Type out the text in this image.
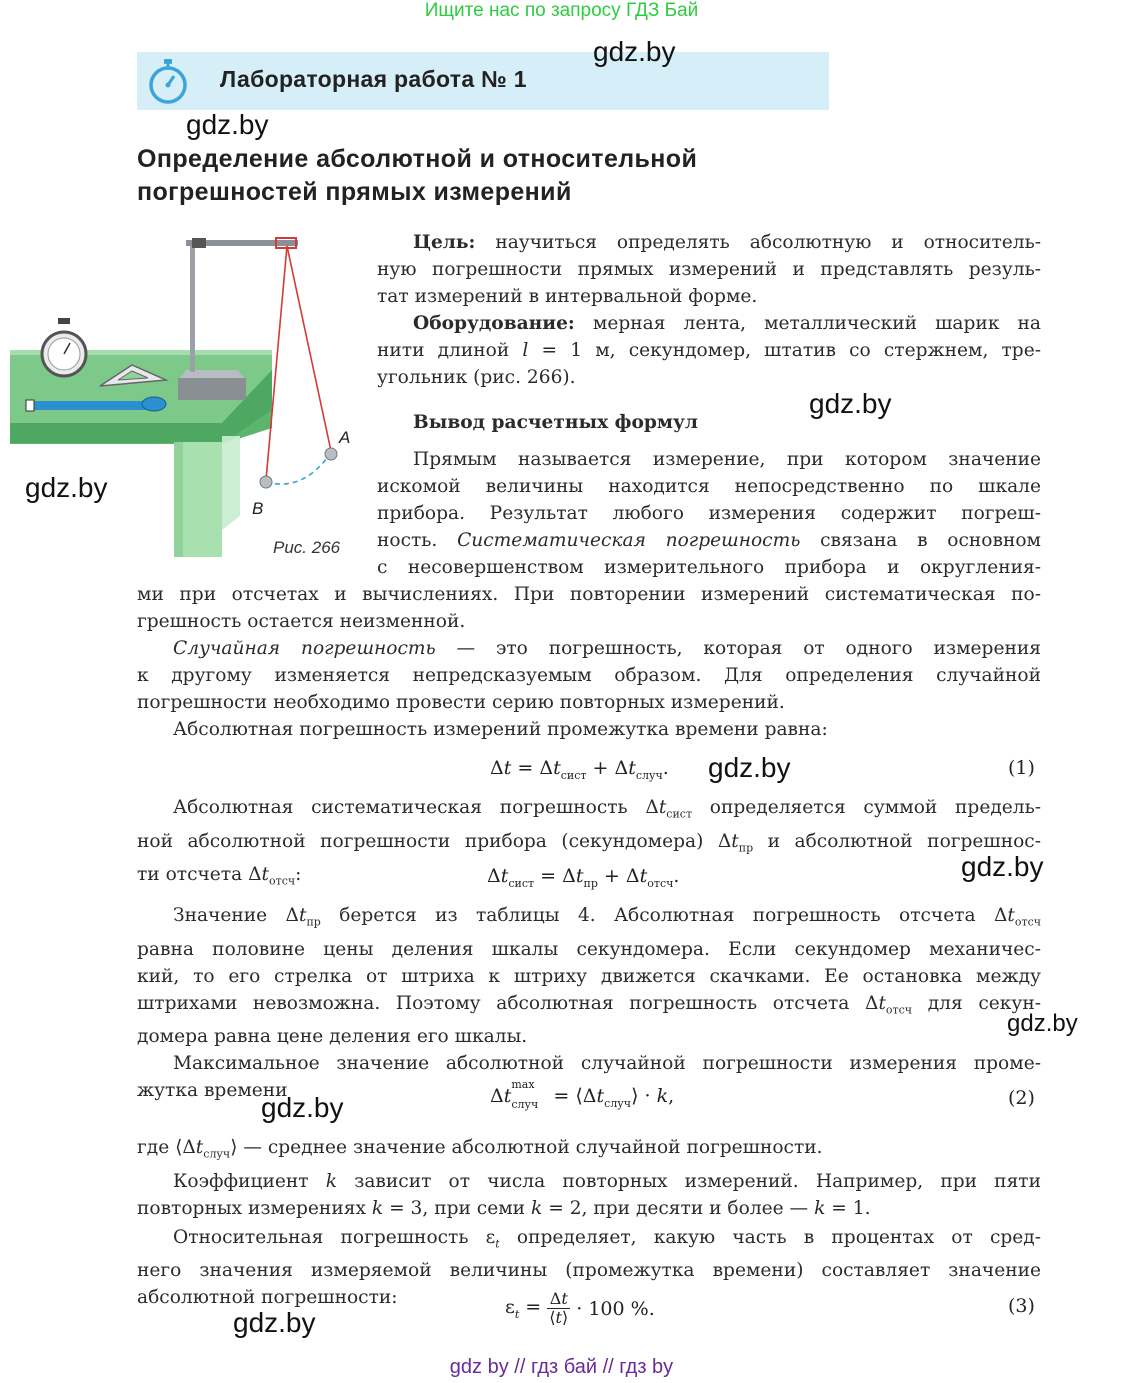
Ищите нас по запросу ГДЗ Бай
Лабораторная работа № 1
gdz.by
gdz.by
gdz.by
gdz.by
gdz.by
gdz.by
gdz.by
gdz.by
gdz.by
Определение абсолютной и относительной
погрешностей прямых измерений
A
B
Рис. 266
Цель: научиться определять абсолютную и относитель-
ную погрешности прямых измерений и представлять резуль-
тат измерений в интервальной форме.
Оборудование: мерная лента, металлический шарик на
нити длиной l = 1 м, секундомер, штатив со стержнем, тре-
угольник (рис. 266).
Вывод расчетных формул
Прямым называется измерение, при котором значение
искомой величины находится непосредственно по шкале
прибора. Результат любого измерения содержит погреш-
ность. Систематическая погрешность связана в основном
с несовершенством измерительного прибора и округления-
ми при отсчетах и вычислениях. При повторении измерений систематическая по-
грешность остается неизменной.
Случайная погрешность — это погрешность, которая от одного измерения
к другому изменяется непредсказуемым образом. Для определения случайной
погрешности необходимо провести серию повторных измерений.
Абсолютная погрешность измерений промежутка времени равна:
$\Delta t = \Delta t_{сист} + \Delta t_{случ}$.	(1)
Абсолютная систематическая погрешность $\Delta t_{сист}$ определяется суммой предель-
ной абсолютной погрешности прибора (секундомера) $\Delta t_{пр}$ и абсолютной погрешнос-
ти отсчета $\Delta t_{отсч}$:	$\Delta t_{сист} = \Delta t_{пр} + \Delta t_{отсч}$.
Значение $\Delta t_{пр}$ берется из таблицы 4. Абсолютная погрешность отсчета $\Delta t_{отсч}$
равна половине цены деления шкалы секундомера. Если секундомер механичес-
кий, то его стрелка от штриха к штриху движется скачками. Ее остановка между
штрихами невозможна. Поэтому абсолютная погрешность отсчета $\Delta t_{отсч}$ для секун-
домера равна цене деления его шкалы.
Максимальное значение абсолютной случайной погрешности измерения проме-
жутка времени	Δt
max
случ = $⟨\Delta t_{случ}⟩ \cdot k$,	(2)
где $⟨\Delta t_{случ}⟩$ — среднее значение абсолютной случайной погрешности.
Коэффициент k зависит от числа повторных измерений. Например, при пяти
повторных измерениях k = 3, при семи k = 2, при десяти и более — k = 1.
Относительная погрешность $\varepsilon_t$ определяет, какую часть в процентах от сред-
него значения измеряемой величины (промежутка времени) составляет значение
абсолютной погрешности:	$\varepsilon_t = \frac{\Delta t}{⟨t⟩} \cdot 100$ %.	(3)
gdz by // гдз бай // гдз by
